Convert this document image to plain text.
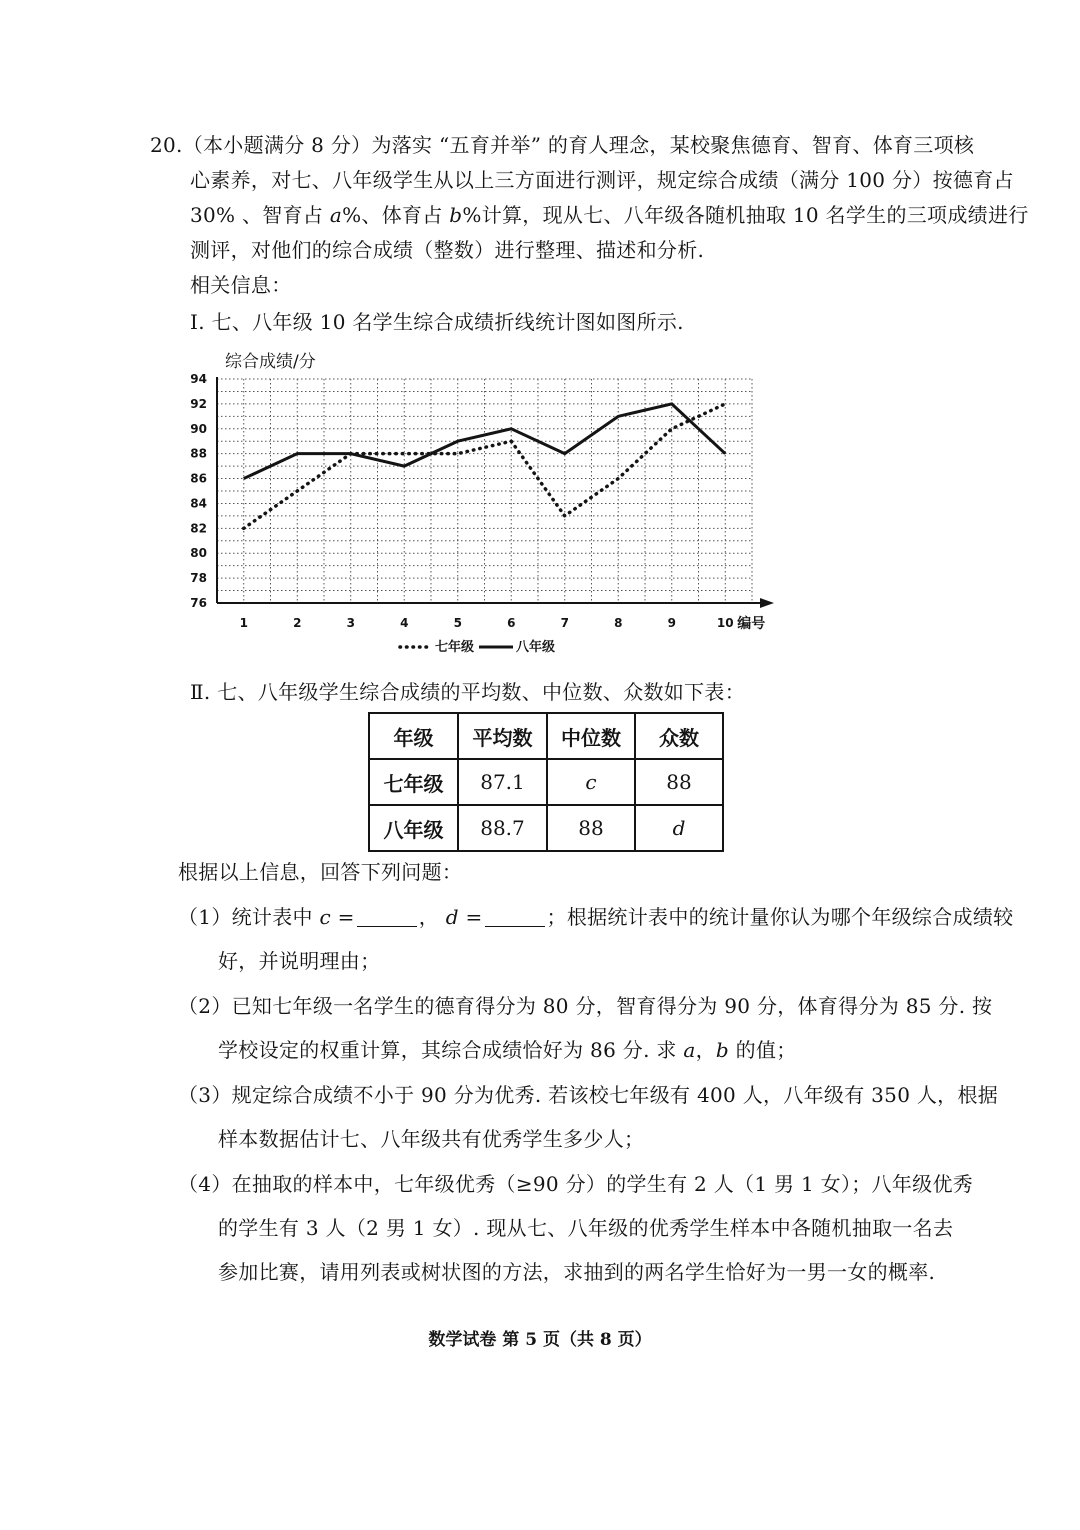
20.（本小题满分 8 分）为落实 “五育并举” 的育人理念，某校聚焦德育、智育、体育三项核
心素养，对七、八年级学生从以上三方面进行测评，规定综合成绩（满分 100 分）按德育占
30% 、智育占 a%、体育占 b%计算，现从七、八年级各随机抽取 10 名学生的三项成绩进行
测评，对他们的综合成绩（整数）进行整理、描述和分析.
相关信息：
Ⅰ. 七、八年级 10 名学生综合成绩折线统计图如图所示.
综合成绩/分
76
78
80
82
84
86
88
90
92
94
1	2	3	4	5	6	7	8	9	10 编号
七年级	八年级
Ⅱ. 七、八年级学生综合成绩的平均数、中位数、众数如下表：
年级	平均数	中位数	众数
七年级	87.1	c	88
八年级	88.7	88	d
根据以上信息，回答下列问题：
（1）统计表中 c =	， d =	；根据统计表中的统计量你认为哪个年级综合成绩较
好，并说明理由；
（2）已知七年级一名学生的德育得分为 80 分，智育得分为 90 分，体育得分为 85 分. 按
学校设定的权重计算，其综合成绩恰好为 86 分. 求 a，b 的值；
（3）规定综合成绩不小于 90 分为优秀. 若该校七年级有 400 人，八年级有 350 人，根据
样本数据估计七、八年级共有优秀学生多少人；
（4）在抽取的样本中，七年级优秀（≥90 分）的学生有 2 人（1 男 1 女）；八年级优秀
的学生有 3 人（2 男 1 女）. 现从七、八年级的优秀学生样本中各随机抽取一名去
参加比赛，请用列表或树状图的方法，求抽到的两名学生恰好为一男一女的概率.
数学试卷 第 5 页（共 8 页）
